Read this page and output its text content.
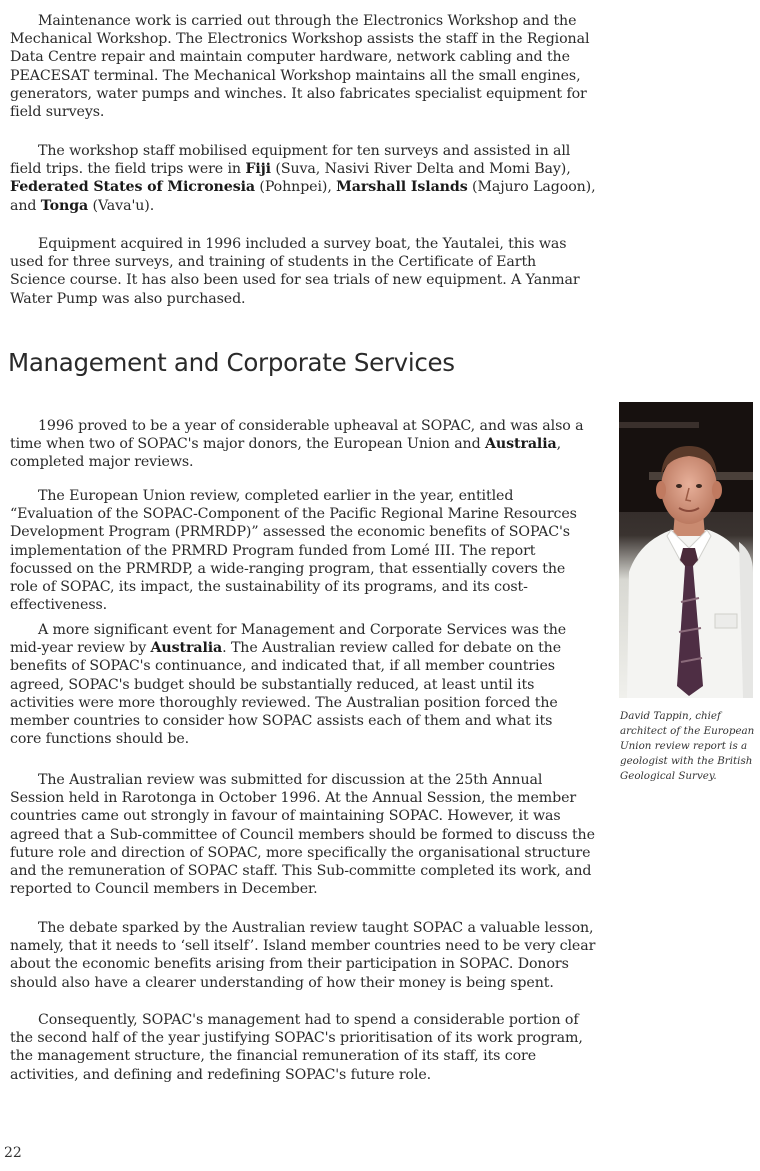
Maintenance work is carried out through the Electronics Workshop and the Mechanical Workshop. The Electronics Workshop assists the staff in the Regional Data Centre repair and maintain computer hardware, network cabling and the PEACESAT terminal. The Mechanical Workshop maintains all the small engines, generators, water pumps and winches. It also fabricates specialist equipment for field surveys.

The workshop staff mobilised equipment for ten surveys and assisted in all field trips. the field trips were in Fiji (Suva, Nasivi River Delta and Momi Bay), Federated States of Micronesia (Pohnpei), Marshall Islands (Majuro Lagoon), and Tonga (Vava'u).

Equipment acquired in 1996 included a survey boat, the Yautalei, this was used for three surveys, and training of students in the Certificate of Earth Science course. It has also been used for sea trials of new equipment. A Yanmar Water Pump was also purchased.

Management and Corporate Services

1996 proved to be a year of considerable upheaval at SOPAC, and was also a time when two of SOPAC's major donors, the European Union and Australia, completed major reviews.

The European Union review, completed earlier in the year, entitled “Evaluation of the SOPAC-Component of the Pacific Regional Marine Resources Development Program (PRMRDP)” assessed the economic benefits of SOPAC's implementation of the PRMRD Program funded from Lomé III. The report focussed on the PRMRDP, a wide-ranging program, that essentially covers the role of SOPAC, its impact, the sustainability of its programs, and its cost-effectiveness.

A more significant event for Management and Corporate Services was the mid-year review by Australia. The Australian review called for debate on the benefits of SOPAC's continuance, and indicated that, if all member countries agreed, SOPAC's budget should be substantially reduced, at least until its activities were more thoroughly reviewed. The Australian position forced the member countries to consider how SOPAC assists each of them and what its core functions should be.

The Australian review was submitted for discussion at the 25th Annual Session held in Rarotonga in October 1996. At the Annual Session, the member countries came out strongly in favour of maintaining SOPAC. However, it was agreed that a Sub-committee of Council members should be formed to discuss the future role and direction of SOPAC, more specifically the organisational structure and the remuneration of SOPAC staff. This Sub-committe completed its work, and reported to Council members in December.

The debate sparked by the Australian review taught SOPAC a valuable lesson, namely, that it needs to ‘sell itself’. Island member countries need to be very clear about the economic benefits arising from their participation in SOPAC. Donors should also have a clearer understanding of how their money is being spent.

Consequently, SOPAC's management had to spend a considerable portion of the second half of the year justifying SOPAC's prioritisation of its work program, the management structure, the financial remuneration of its staff, its core activities, and defining and redefining SOPAC's future role.

David Tappin, chief architect of the European Union review report is a geologist with the British Geological Survey.

22
